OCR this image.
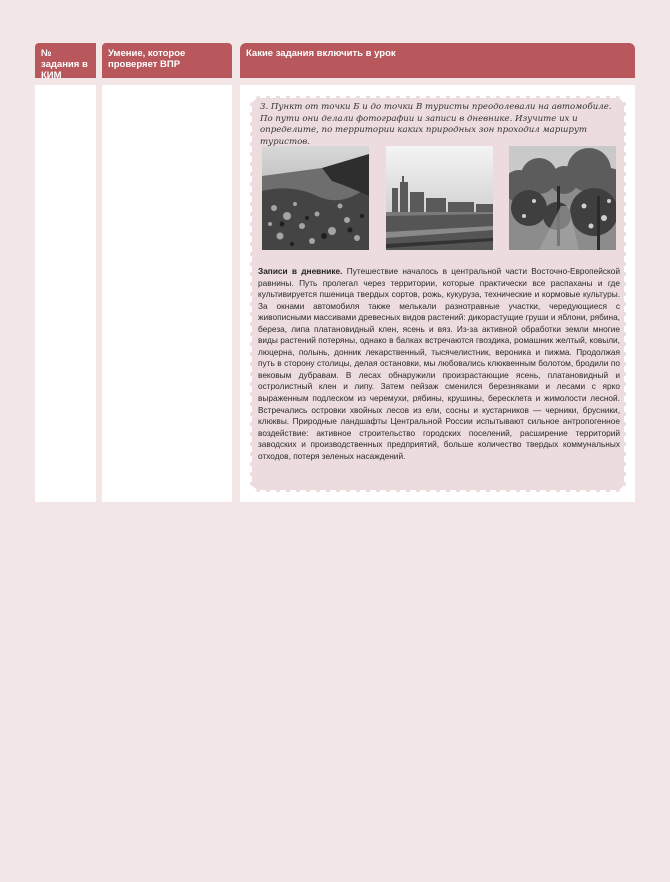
№ задания в КИМ
Умение, которое проверяет ВПР
Какие задания включить в урок
3. Пункт от точки Б и до точки В туристы преодолевали на автомобиле. По пути они делали фотографии и записи в дневнике. Изучите их и определите, по территории каких природных зон проходил маршрут туристов.
Записи в дневнике. Путешествие началось в центральной части Восточно-Европейской равнины. Путь пролегал через территории, которые практически все распаханы и где культивируется пшеница твердых сортов, рожь, кукуруза, технические и кормовые культуры. За окнами автомобиля также мелькали разнотравные участки, чередующиеся с живописными массивами древесных видов растений: дикорастущие груши и яблони, рябина, береза, липа платановидный клен, ясень и вяз. Из-за активной обработки земли многие виды растений потеряны, однако в балках встречаются гвоздика, ромашник желтый, ковыли, люцерна, полынь, донник лекарственный, тысячелистник, вероника и пижма. Продолжая путь в сторону столицы, делая остановки, мы любовались клюквенным болотом, бродили по вековым дубравам. В лесах обнаружили произрастающие ясень, платановидный и остролистный клен и липу. Затем пейзаж сменился березняками и лесами с ярко выраженным подлеском из черемухи, рябины, крушины, бересклета и жимолости лесной. Встречались островки хвойных лесов из ели, сосны и кустарников — черники, брусники, клюквы. Природные ландшафты Центральной России испытывают сильное антропогенное воздействие: активное строительство городских поселений, расширение территорий заводских и производственных предприятий, больше количество твердых коммунальных отходов, потеря зеленых насаждений.
